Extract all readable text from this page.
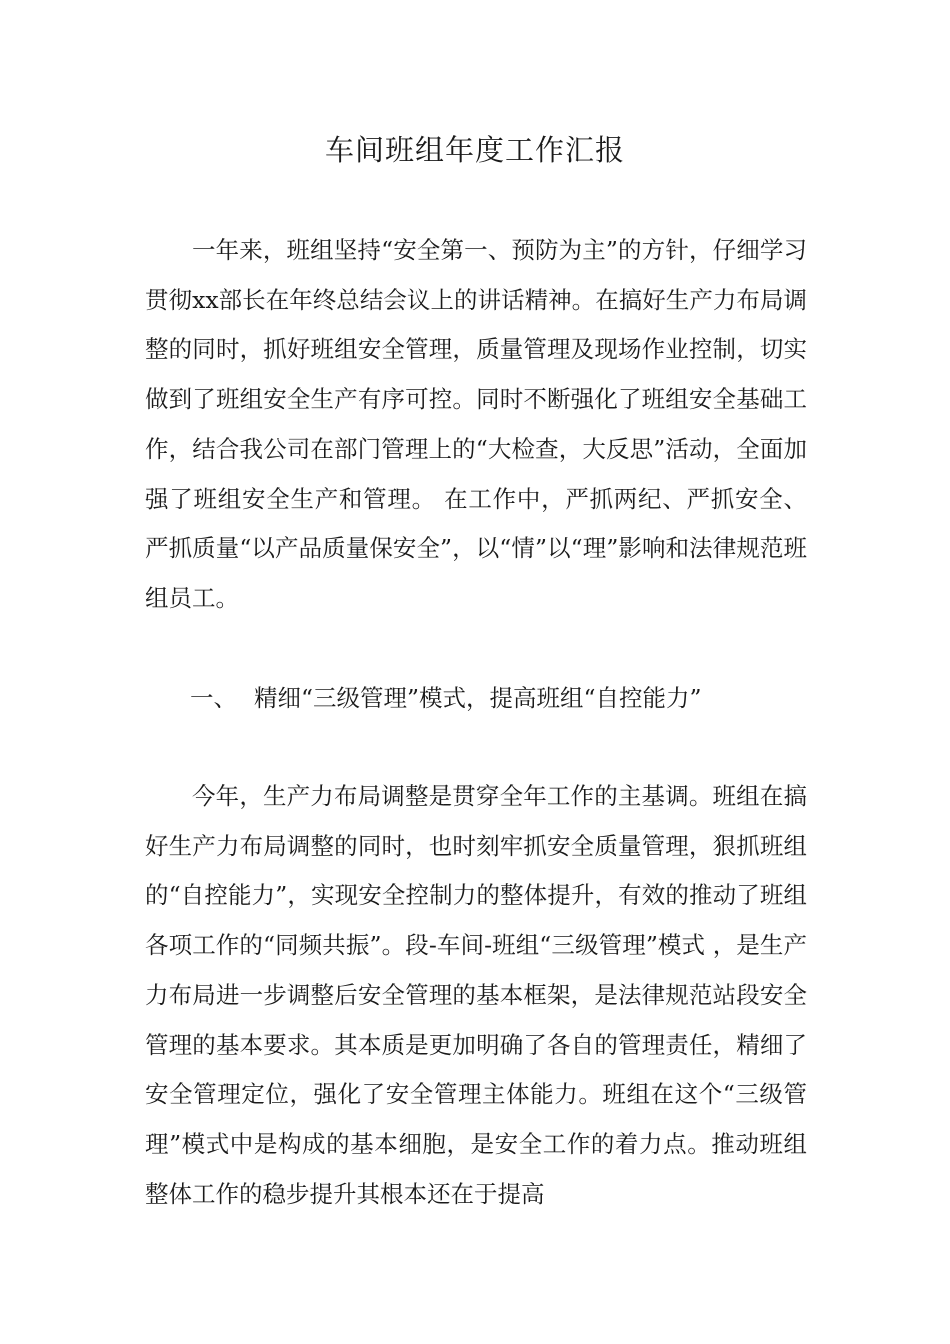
车间班组年度工作汇报

一年来，班组坚持“安全第一、预防为主”的方针，仔细学习贯彻xx部长在年终总结会议上的讲话精神。在搞好生产力布局调整的同时，抓好班组安全管理，质量管理及现场作业控制，切实做到了班组安全生产有序可控。同时不断强化了班组安全基础工作，结合我公司在部门管理上的“大检查，大反思”活动，全面加强了班组安全生产和管理。 在工作中，严抓两纪、严抓安全、严抓质量“以产品质量保安全”，以“情”以“理”影响和法律规范班组员工。

一、 精细“三级管理”模式，提高班组“自控能力”

今年，生产力布局调整是贯穿全年工作的主基调。班组在搞好生产力布局调整的同时，也时刻牢抓安全质量管理，狠抓班组的“自控能力”，实现安全控制力的整体提升，有效的推动了班组各项工作的“同频共振”。段-车间-班组“三级管理”模式 ，是生产力布局进一步调整后安全管理的基本框架，是法律规范站段安全管理的基本要求。其本质是更加明确了各自的管理责任，精细了安全管理定位，强化了安全管理主体能力。班组在这个“三级管理”模式中是构成的基本细胞，是安全工作的着力点。推动班组整体工作的稳步提升其根本还在于提高
